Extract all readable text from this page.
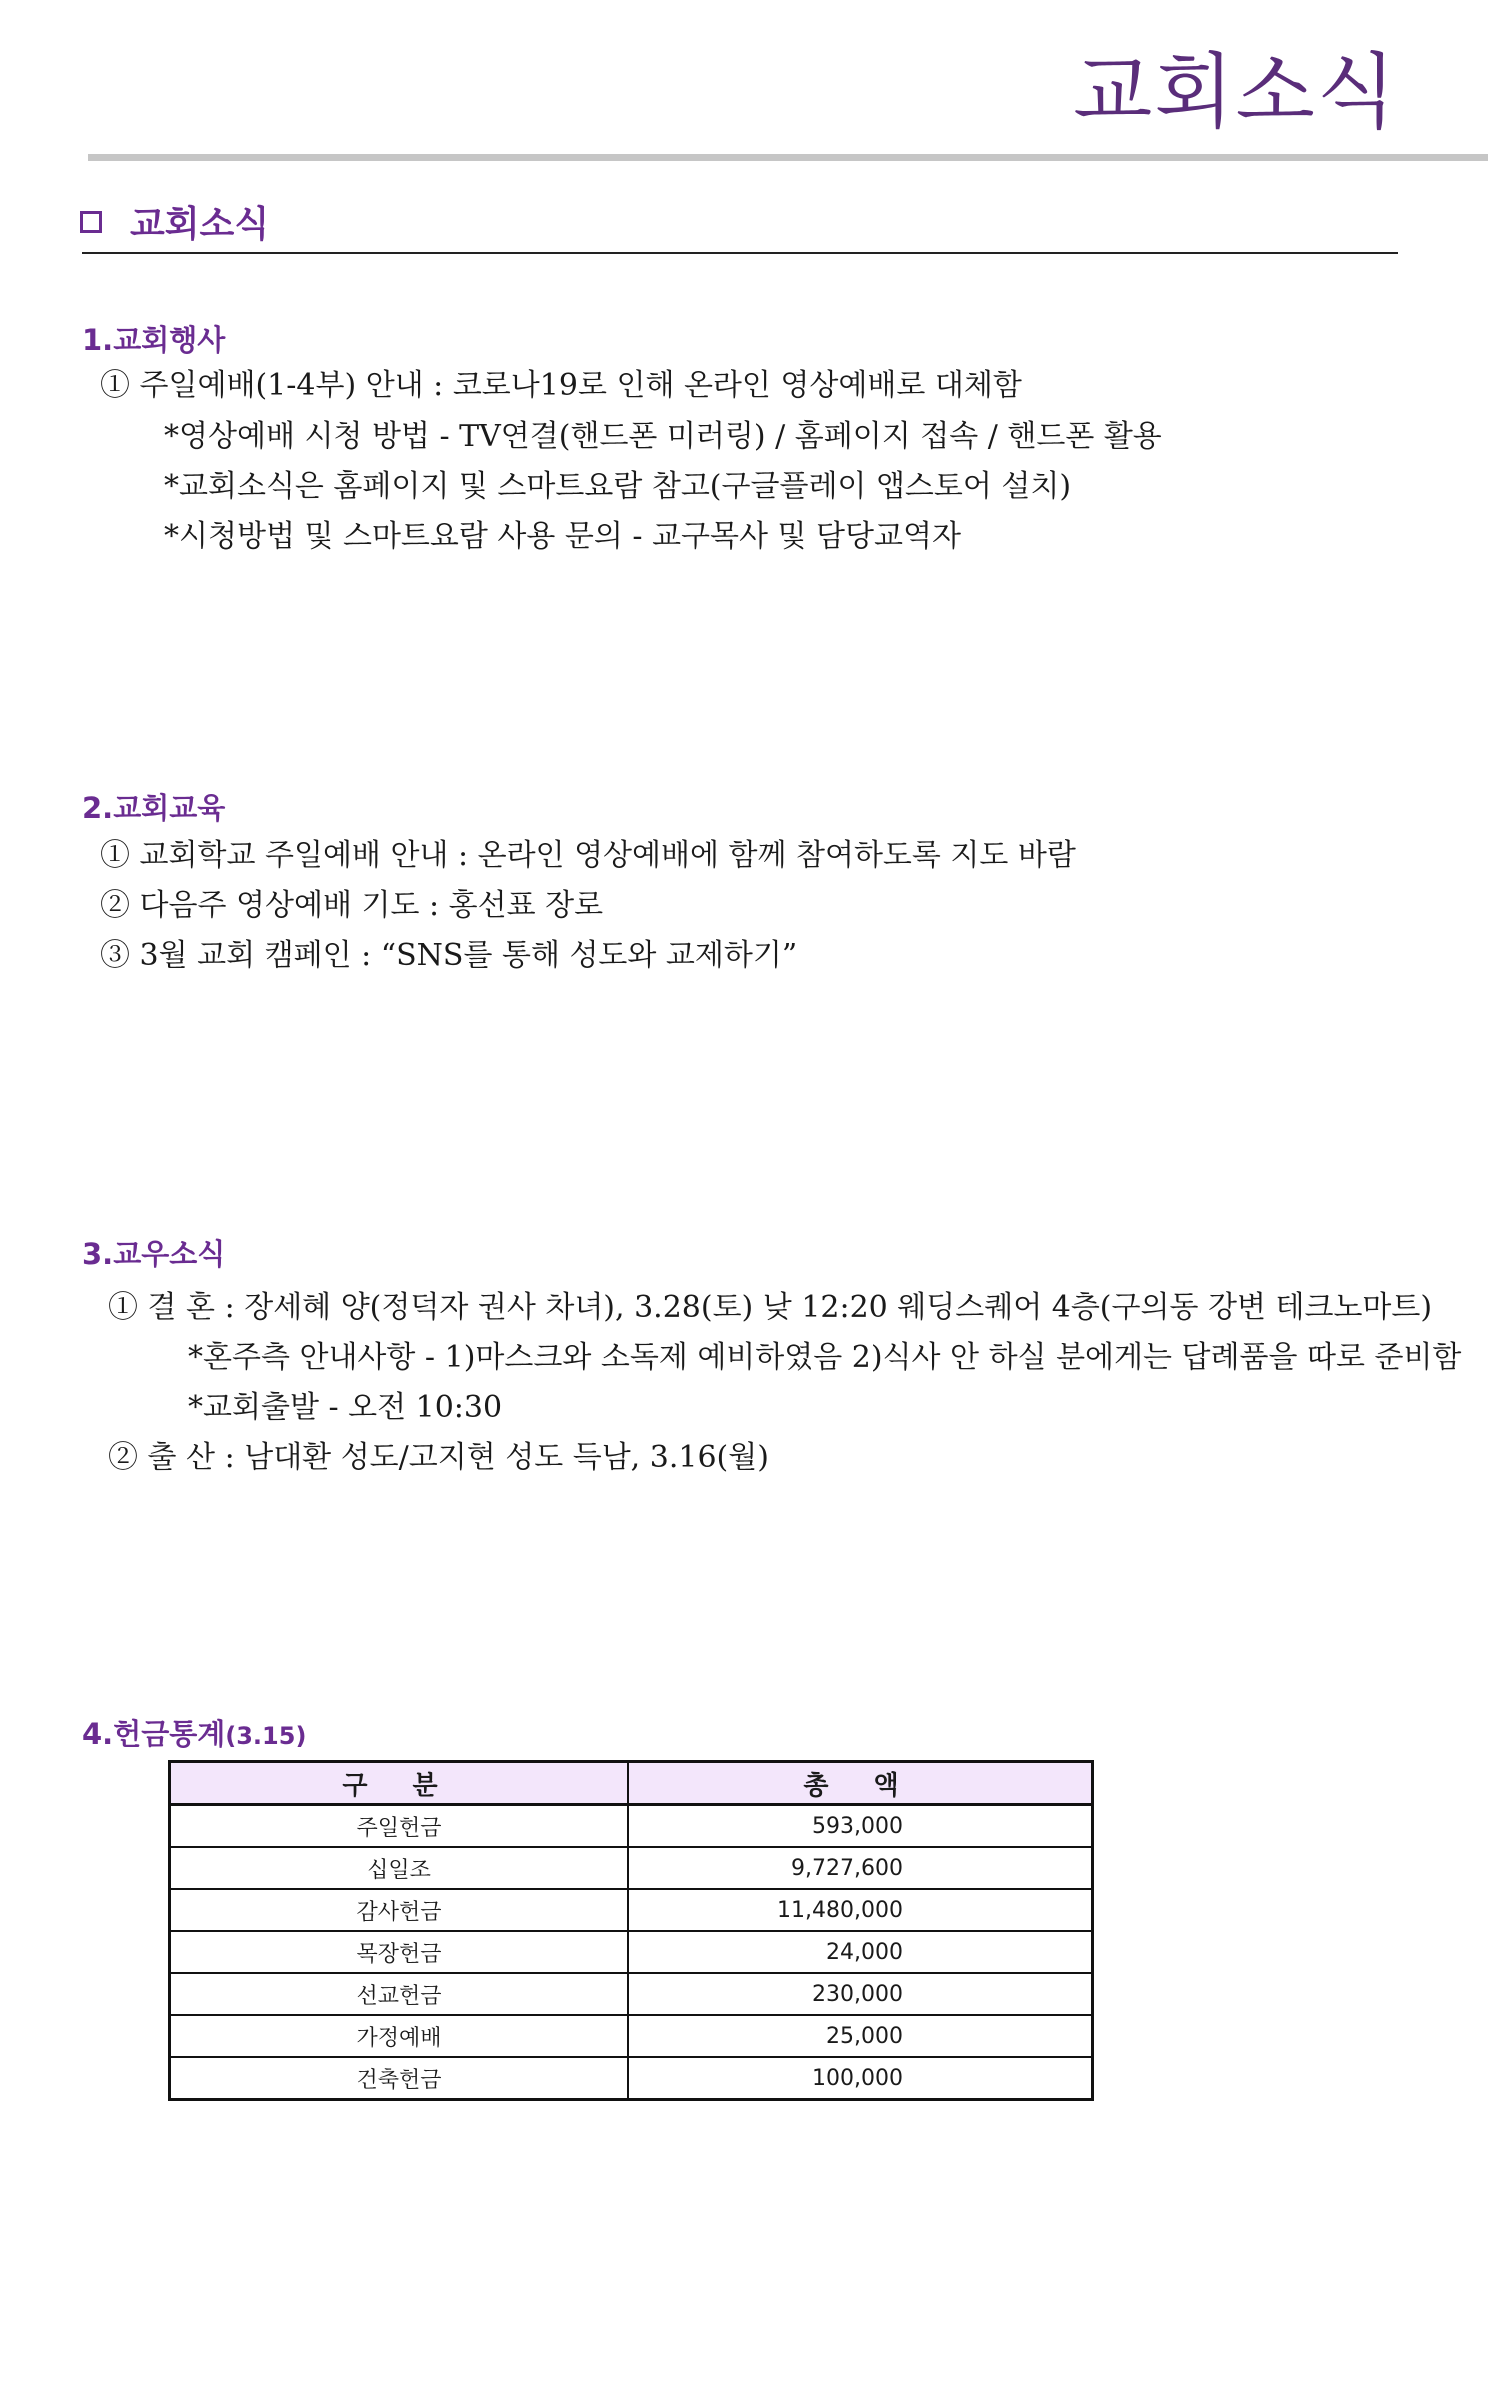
교회소식
교회소식
1.교회행사
① 주일예배(1-4부) 안내 : 코로나19로 인해 온라인 영상예배로 대체함
*영상예배 시청 방법 - TV연결(핸드폰 미러링) / 홈페이지 접속 / 핸드폰 활용
*교회소식은 홈페이지 및 스마트요람 참고(구글플레이 앱스토어 설치)
*시청방법 및 스마트요람 사용 문의 - 교구목사 및 담당교역자
2.교회교육
① 교회학교 주일예배 안내 : 온라인 영상예배에 함께 참여하도록 지도 바람
② 다음주 영상예배 기도 : 홍선표 장로
③ 3월 교회 캠페인 : “SNS를 통해 성도와 교제하기”
3.교우소식
① 결 혼 : 장세혜 양(정덕자 권사 차녀), 3.28(토) 낮 12:20 웨딩스퀘어 4층(구의동 강변 테크노마트)
*혼주측 안내사항 - 1)마스크와 소독제 예비하였음 2)식사 안 하실 분에게는 답례품을 따로 준비함
*교회출발 - 오전 10:30
② 출 산 : 남대환 성도/고지현 성도 득남, 3.16(월)
4.헌금통계(3.15)
구 분	총 액
주일헌금	593,000
십일조	9,727,600
감사헌금	11,480,000
목장헌금	24,000
선교헌금	230,000
가정예배	25,000
건축헌금	100,000
